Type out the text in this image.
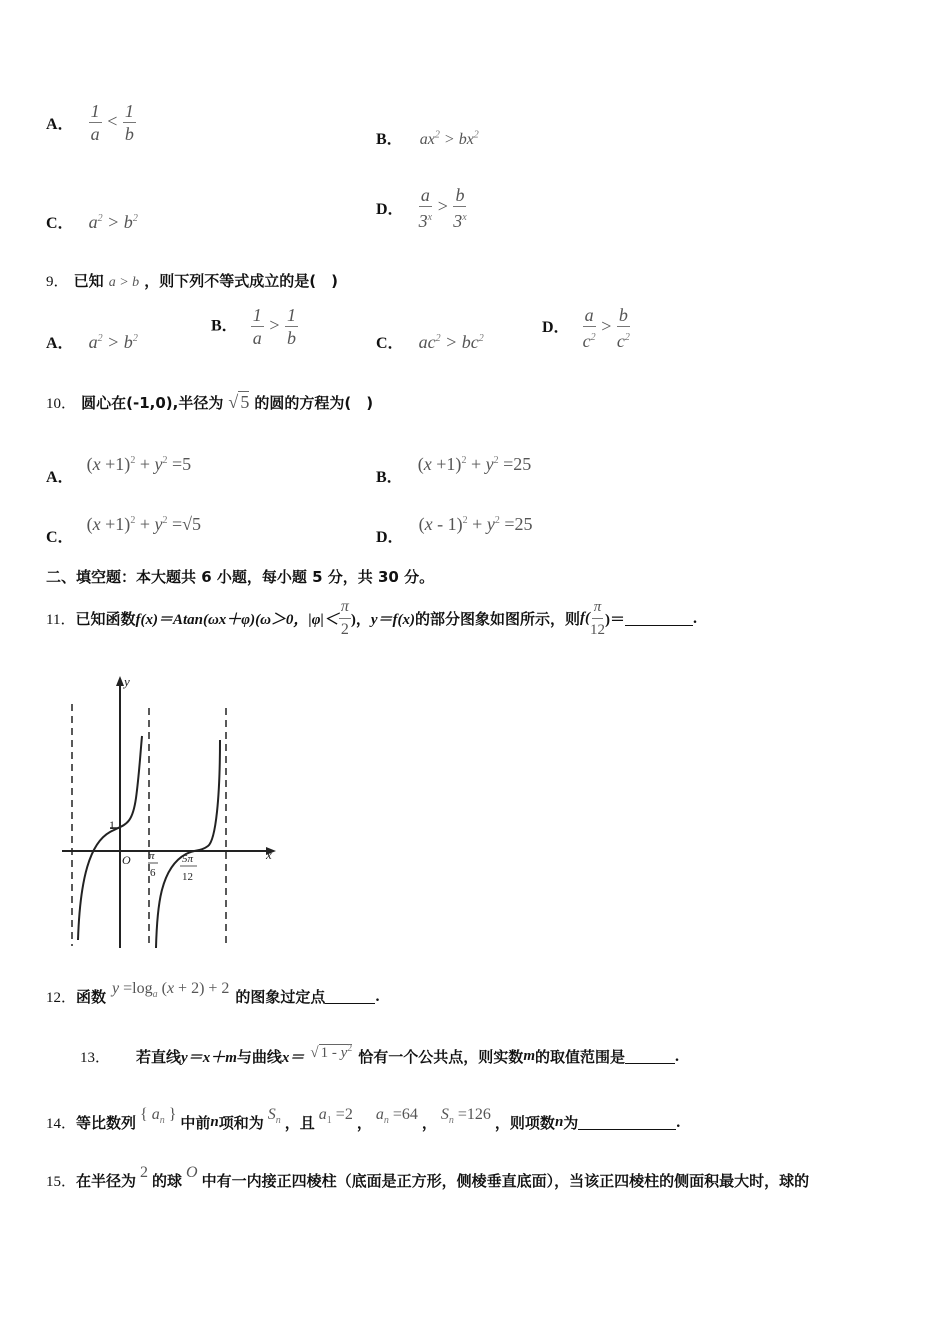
A． $\frac{1}{a} < \frac{1}{b}$	B． $ax^2 > bx^2$
C． $a^2 > b^2$
D． $\frac{a}{3^x} > \frac{b}{3^x}$
9． 已知 a > b ，则下列不等式成立的是(　)
A． $a^2 > b^2$
B． $\frac{1}{a} > \frac{1}{b}$	C． $ac^2 > bc^2$
D． $\frac{a}{c^2} > \frac{b}{c^2}$
10． 圆心在(-1,0),半径为 √ 5 的圆的方程为(　)
A． $(x +1)^2 + y^2 =5$
B． $(x +1)^2 + y^2 =25$
C． $(x +1)^2 + y^2 =√5$
D． $(x - 1)^2 + y^2 =25$
二、填空题：本大题共 6 小题，每小题 5 分，共 30 分。
11． 已知函数 f(x)＝Atan(ωx＋φ)(ω＞0，$|\varphi|< \frac{\pi}{2}$ )， y＝f(x) 的部分图象如图所示，则 $f( \frac{\pi}{12}$ )＝	.
y
x
1
O π
6
5π
12
12． 函数 $y =\log_a$ (x + 2) + 2 的图象过定点	.
13． 若直线 y＝x＋m 与曲线 x＝ √ $1 - y^2$ 恰有一个公共点，则实数 m 的取值范围是	.
14． 等比数列 { $a_n$ } 中前 n 项和为 $S_n$ ，且 $a_1 =2$ ， $a_n =64$ ， $S_n =126$ ，则项数 n 为	.
15． 在半径为 2 的球 O 中有一内接正四棱柱（底面是正方形，侧棱垂直底面），当该正四棱柱的侧面积最大时，球的
